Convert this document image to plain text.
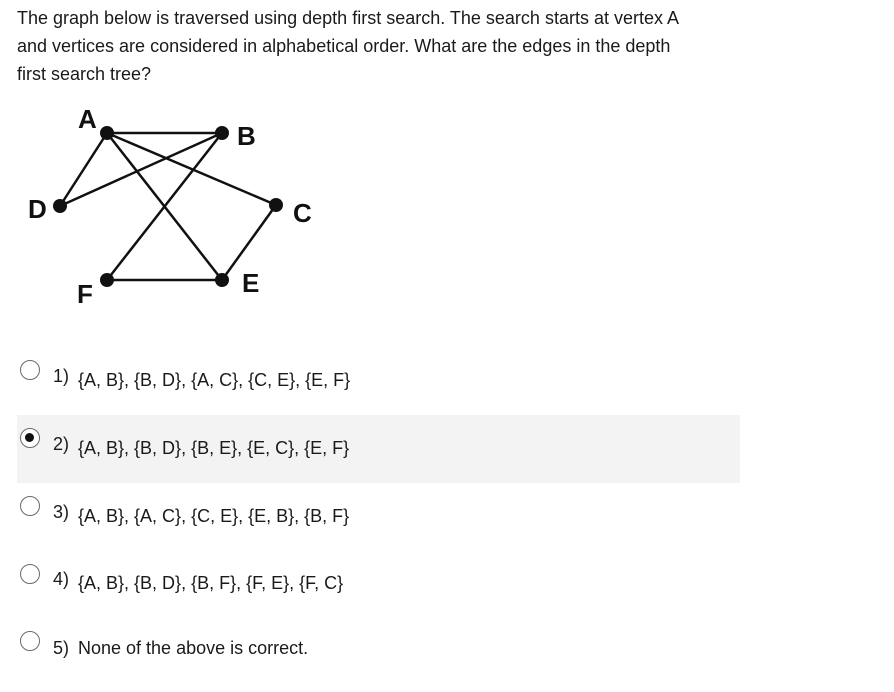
The graph below is traversed using depth first search. The search starts at vertex A
and vertices are considered in alphabetical order. What are the edges in the depth
first search tree?

A
B
C
D
E
F
1) {A, B}, {B, D}, {A, C}, {C, E}, {E, F}
2) {A, B}, {B, D}, {B, E}, {E, C}, {E, F}
3) {A, B}, {A, C}, {C, E}, {E, B}, {B, F}
4) {A, B}, {B, D}, {B, F}, {F, E}, {F, C}
5) None of the above is correct.
